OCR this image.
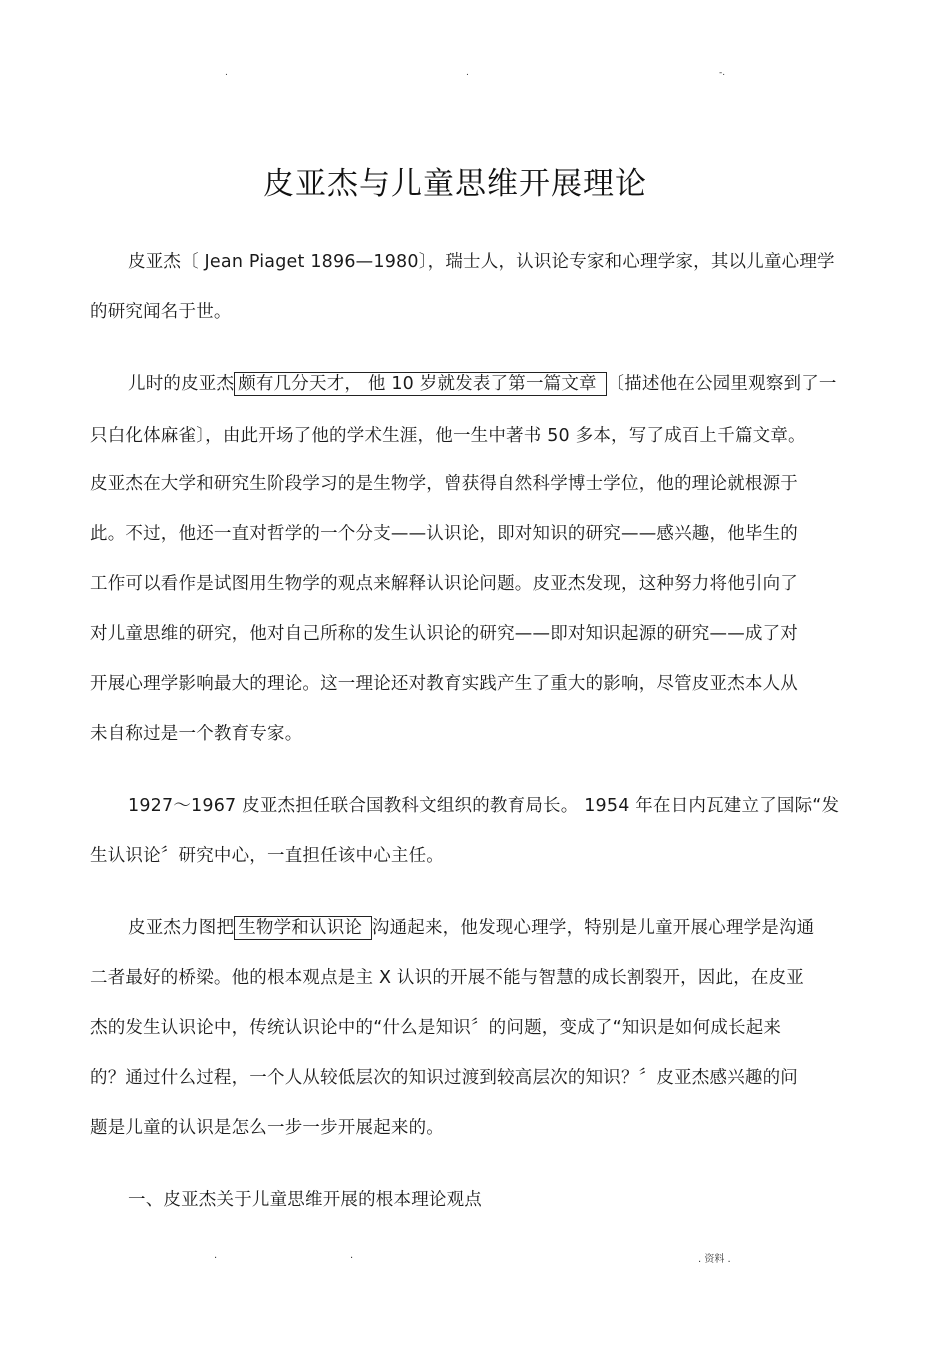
.	.	-.
皮亚杰与儿童思维开展理论
皮亚杰〔 Jean Piaget 1896—1980〕，瑞士人，认识论专家和心理学家，其以儿童心理学
的研究闻名于世。
儿时的皮亚杰 颇有几分天才， 他 10 岁就发表了第一篇文章 〔描述他在公园里观察到了一
只白化体麻雀〕，由此开场了他的学术生涯，他一生中著书 50 多本，写了成百上千篇文章。
皮亚杰在大学和研究生阶段学习的是生物学，曾获得自然科学博士学位，他的理论就根源于
此。不过，他还一直对哲学的一个分支——认识论，即对知识的研究——感兴趣，他毕生的
工作可以看作是试图用生物学的观点来解释认识论问题。皮亚杰发现，这种努力将他引向了
对儿童思维的研究，他对自己所称的发生认识论的研究——即对知识起源的研究——成了对
开展心理学影响最大的理论。这一理论还对教育实践产生了重大的影响，尽管皮亚杰本人从
未自称过是一个教育专家。
1927～1967 皮亚杰担任联合国教科文组织的教育局长。 1954 年在日内瓦建立了国际“发
生认识论〞研究中心，一直担任该中心主任。
皮亚杰力图把 生物学和认识论 沟通起来，他发现心理学，特别是儿童开展心理学是沟通
二者最好的桥梁。他的根本观点是主 X 认识的开展不能与智慧的成长割裂开，因此，在皮亚
杰的发生认识论中，传统认识论中的“什么是知识〞的问题，变成了“知识是如何成长起来
的？通过什么过程，一个人从较低层次的知识过渡到较高层次的知识？〞皮亚杰感兴趣的问
题是儿童的认识是怎么一步一步开展起来的。
一、皮亚杰关于儿童思维开展的根本理论观点
.	.	. 资料 .
